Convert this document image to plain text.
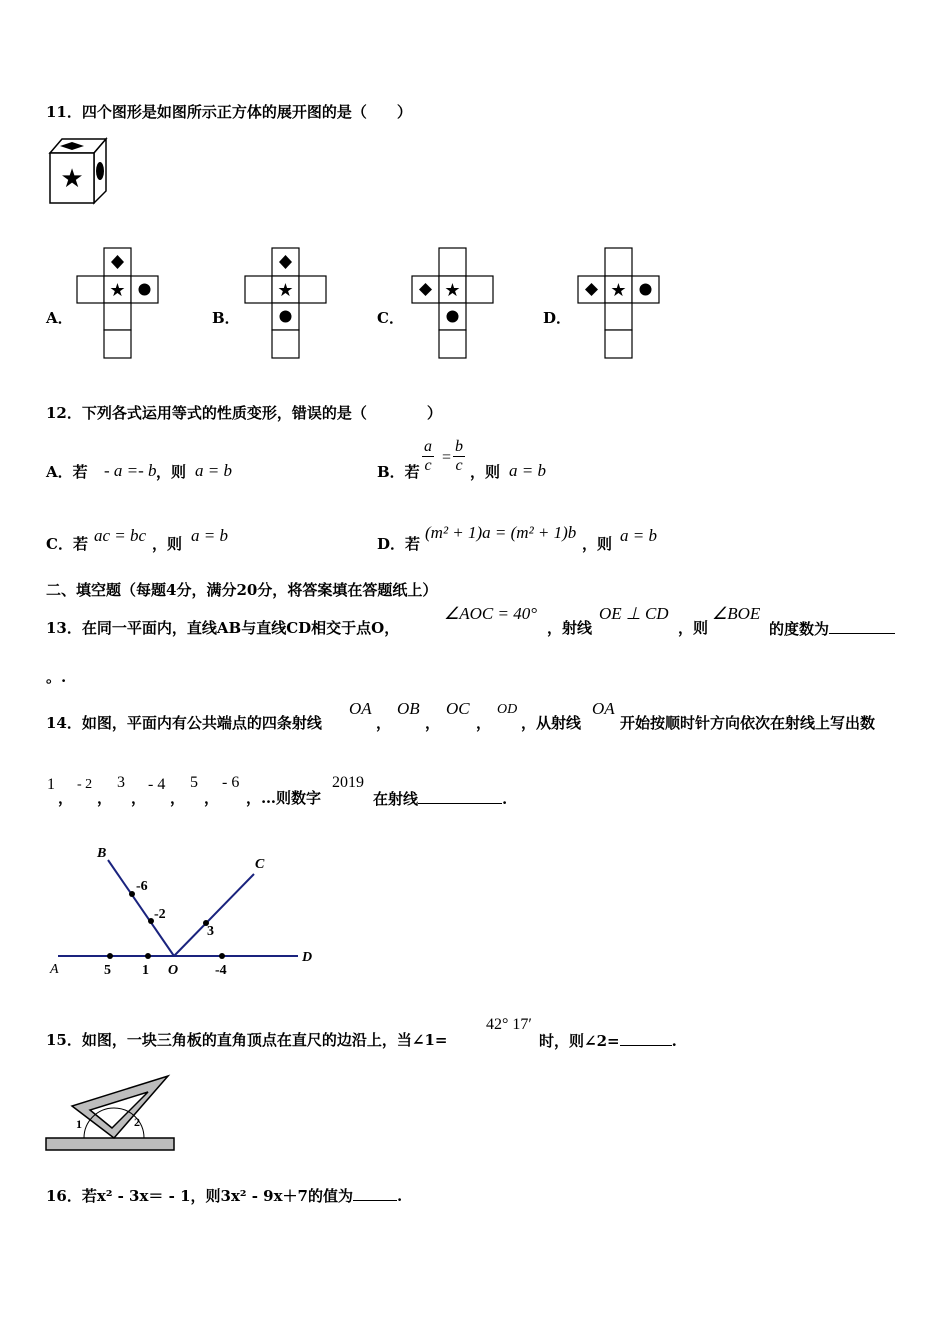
11．四个图形是如图所示正方体的展开图的是（　　）
★
A．
★
B．
★
C．
★
D．
★
12．下列各式运用等式的性质变形，错误的是（　　　　）
A．若 - a =- b ，则 a = b	B．若 $\frac{a}{c} = \frac{b}{c}$ ，则 a = b
C．若 ac = bc ，则 a = b	D．若
(m² + 1)a = (m² + 1)b
，则 a = b
二、填空题（每题4分，满分20分，将答案填在答题纸上）
13．在同一平面内，直线AB与直线CD相交于点O，
∠AOC = 40°
，射线
OE ⊥ CD
，则
∠BOE
的度数为
。.
14．如图，平面内有公共端点的四条射线
OA
，
OB
，
OC
，
OD
，从射线
OA
开始按顺时针方向依次在射线上写出数
1
，
- 2
，
3
，
- 4
，
5
，
- 6
，…则数字
2019
在射线	.
B
C
D
A	O
-6
-2
3
5 1	-4
15．如图，一块三角板的直角顶点在直尺的边沿上，当∠1=
42° 17′
时，则∠2=	.
1	2
16．若x² - 3x＝ - 1，则3x² - 9x＋7的值为	.
